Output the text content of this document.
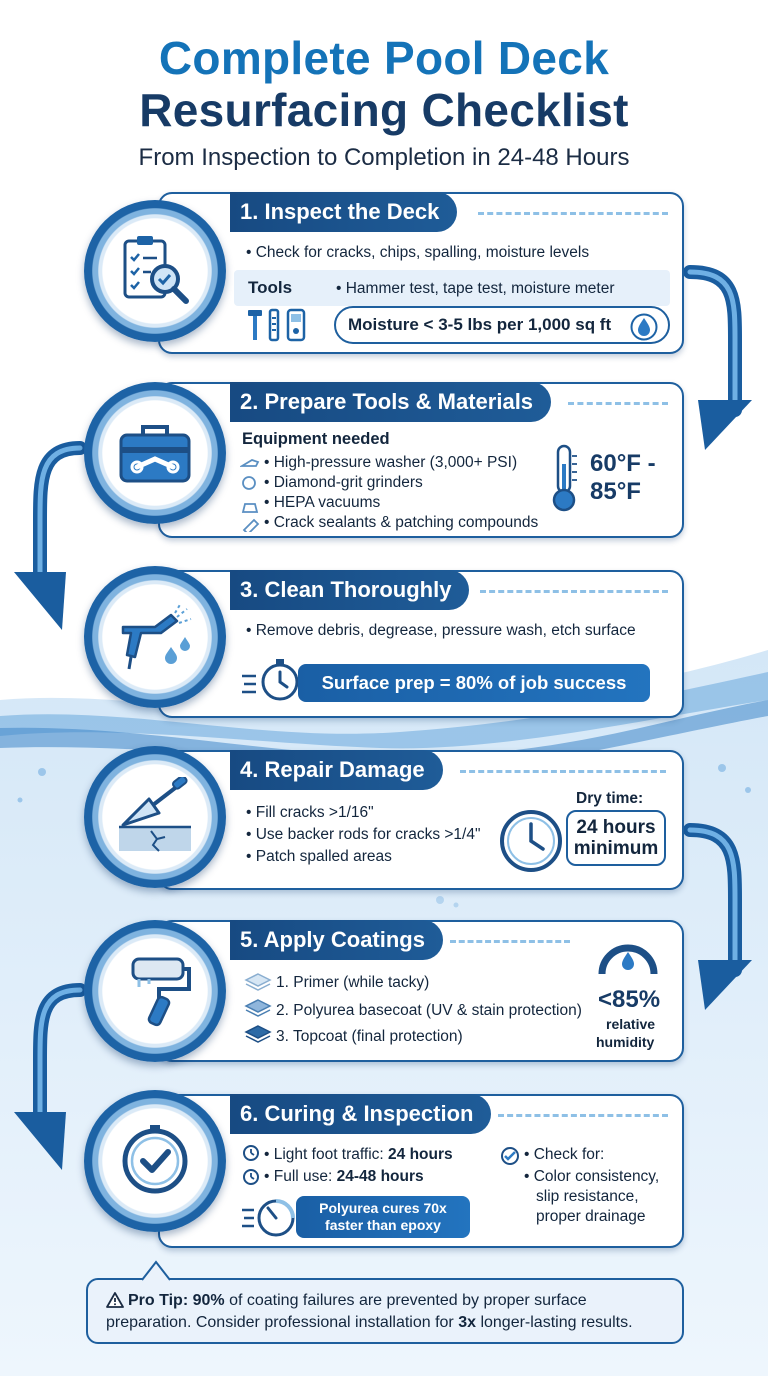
Complete Pool Deck
Resurfacing Checklist
From Inspection to Completion in 24-48 Hours
1. Inspect the Deck
• Check for cracks, chips, spalling, moisture levels
Tools	• Hammer test, tape test, moisture meter
Moisture < 3-5 lbs per 1,000 sq ft
2. Prepare Tools & Materials
Equipment needed
• High-pressure washer (3,000+ PSI)
• Diamond-grit grinders
• HEPA vacuums
• Crack sealants & patching compounds
60°F -
85°F
3. Clean Thoroughly
• Remove debris, degrease, pressure wash, etch surface
Surface prep = 80% of job success
4. Repair Damage
• Fill cracks >1/16"
• Use backer rods for cracks >1/4"
• Patch spalled areas
Dry time:
24 hours
minimum
5. Apply Coatings
1. Primer (while tacky)
2. Polyurea basecoat (UV & stain protection)
3. Topcoat (final protection)
<85%
relative
humidity
6. Curing & Inspection
• Light foot traffic: 24 hours
• Full use: 24-48 hours
Polyurea cures 70x
faster than epoxy
• Check for:
• Color consistency,
slip resistance,
proper drainage
Pro Tip: 90% of coating failures are prevented by proper surface
preparation. Consider professional installation for 3x longer-lasting results.
